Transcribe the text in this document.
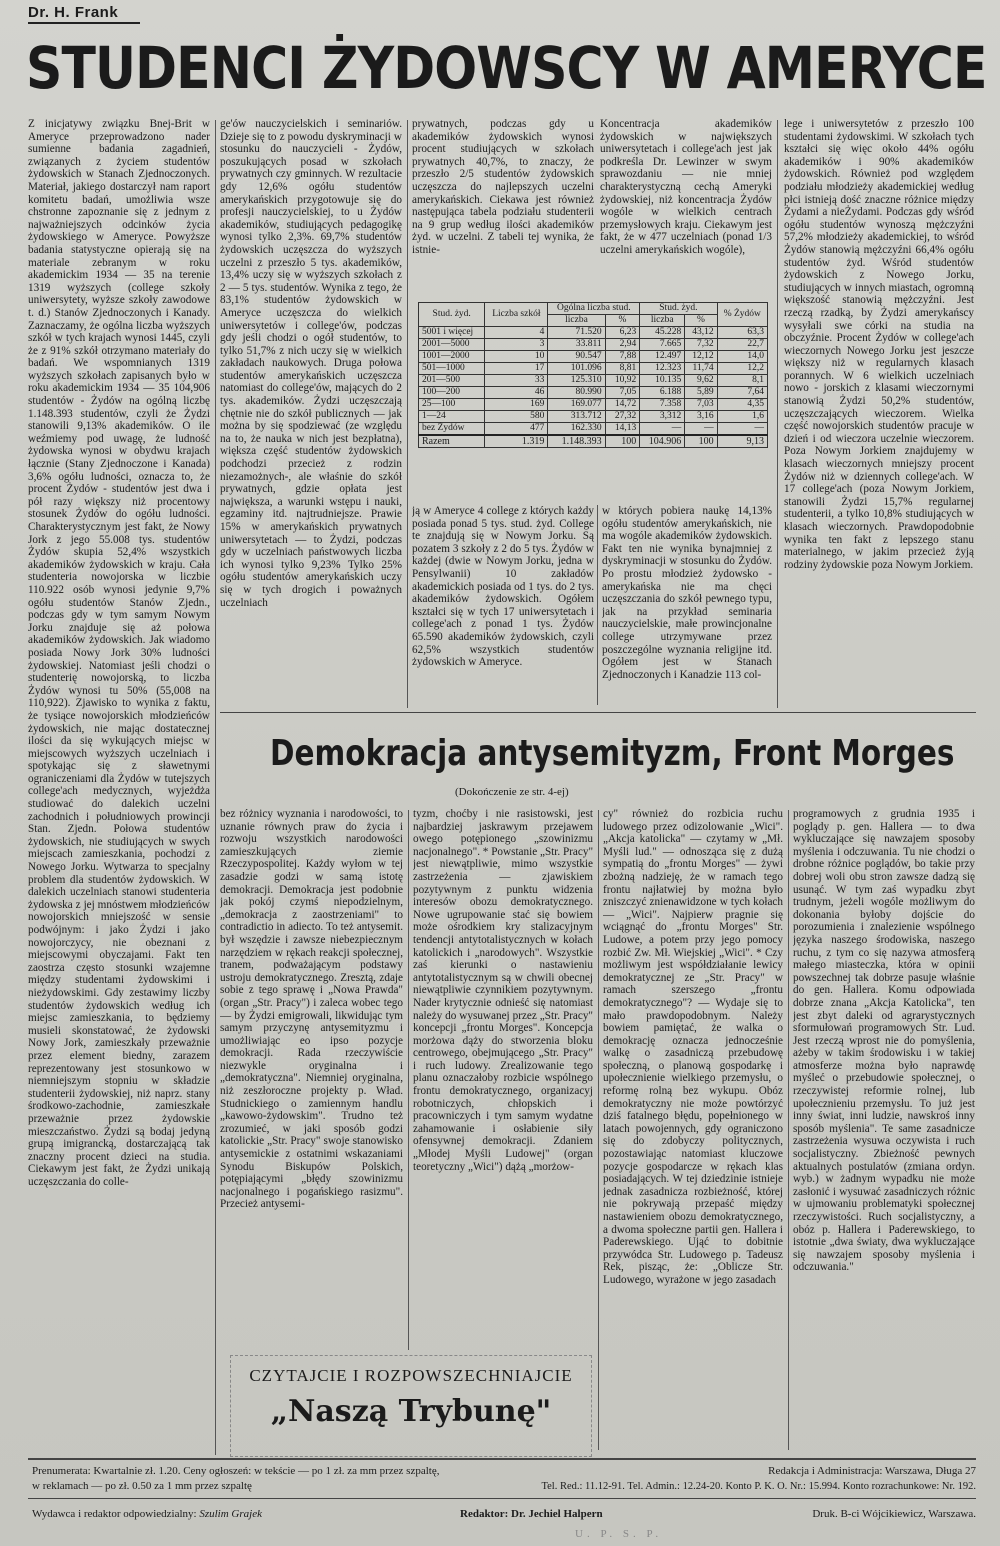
Dr. H. Frank
STUDENCI ŻYDOWSCY W AMERYCE
Z inicjatywy związku Bnej-Brit w Ameryce przeprowadzono nader sumienne badania zagadnień, związanych z życiem studentów żydowskich w Stanach Zjednoczonych. Materiał, jakiego dostarczył nam raport komitetu badań, umożliwia wsze chstronne zapoznanie się z jednym z najważniejszych odcinków życia żydowskiego w Ameryce. Powyższe badania statystyczne opierają się na materiale zebranym w roku akademickim 1934 — 35 na terenie 1319 wyższych (college szkoły uniwersytety, wyższe szkoły zawodowe t. d.) Stanów Zjednoczonych i Kanady. Zaznaczamy, że ogólna liczba wyższych szkół w tych krajach wynosi 1445, czyli że z 91% szkół otrzymano materiały do badań. We wspomnianych 1319 wyższych szkołach zapisanych było w roku akademickim 1934 — 35 104,906 studentów - Żydów na ogólną liczbę 1.148.393 studentów, czyli że Żydzi stanowili 9,13% akademików. O ile weźmiemy pod uwagę, że ludność żydowska wynosi w obydwu krajach łącznie (Stany Zjednoczone i Kanada) 3,6% ogółu ludności, oznacza to, że procent Żydów - studentów jest dwa i pół razy większy niż procentowy stosunek Żydów do ogółu ludności. Charakterystycznym jest fakt, że Nowy Jork z jego 55.008 tys. studentów Żydów skupia 52,4% wszystkich akademików żydowskich w kraju. Cała studenteria nowojorska w liczbie 110.922 osób wynosi jedynie 9,7% ogółu studentów Stanów Zjedn., podczas gdy w tym samym Nowym Jorku znajduje się aż połowa akademików żydowskich. Jak wiadomo posiada Nowy Jork 30% ludności żydowskiej. Natomiast jeśli chodzi o studenterię nowojorską, to liczba Żydów wynosi tu 50% (55,008 na 110,922). Zjawisko to wynika z faktu, że tysiące nowojorskich młodzieńców żydowskich, nie mając dostatecznej ilości da się wykujących miejsc w miejscowych wyższych uczelniach i spotykając się z sławetnymi ograniczeniami dla Żydów w tutejszych college'ach medycznych, wyjeżdża studiować do dalekich uczelni zachodnich i południowych prowincji Stan. Zjedn. Połowa studentów żydowskich, nie studiujących w swych miejscach zamieszkania, pochodzi z Nowego Jorku. Wytwarza to specjalny problem dla studentów żydowskich. W dalekich uczelniach stanowi studenteria żydowska z jej mnóstwem młodzieńców nowojorskich mniejszość w sensie podwójnym: i jako Żydzi i jako nowojorczycy, nie obeznani z miejscowymi obyczajami. Fakt ten zaostrza często stosunki wzajemne między studentami żydowskimi i nieżydowskimi. Gdy zestawimy liczby studentów żydowskich według ich miejsc zamieszkania, to będziemy musieli skonstatować, że żydowski Nowy Jork, zamieszkały przeważnie przez element biedny, zarazem reprezentowany jest stosunkowo w niemniejszym stopniu w składzie studenterii żydowskiej, niż naprz. stany środkowo-zachodnie, zamieszkałe przeważnie przez żydowskie mieszczaństwo. Żydzi są bodaj jedyną grupą imigrancką, dostarczającą tak znaczny procent dzieci na studia. Ciekawym jest fakt, że Żydzi unikają uczęszczania do colle-
ge'ów nauczycielskich i seminariów. Dzieje się to z powodu dyskryminacji w stosunku do nauczycieli - Żydów, poszukujących posad w szkołach prywatnych czy gminnych. W rezultacie gdy 12,6% ogółu studentów amerykańskich przygotowuje się do profesji nauczycielskiej, to u Żydów akademików, studiujących pedagogikę wynosi tylko 2,3%. 69,7% studentów żydowskich uczęszcza do wyższych uczelni z przeszło 5 tys. akademików, 13,4% uczy się w wyższych szkołach z 2 — 5 tys. studentów. Wynika z tego, że 83,1% studentów żydowskich w Ameryce uczęszcza do wielkich uniwersytetów i college'ów, podczas gdy jeśli chodzi o ogół studentów, to tylko 51,7% z nich uczy się w wielkich zakładach naukowych. Druga połowa studentów amerykańskich uczęszcza natomiast do college'ów, mających do 2 tys. akademików. Żydzi uczęszczają chętnie nie do szkół publicznych — jak można by się spodziewać (ze względu na to, że nauka w nich jest bezpłatna), większa część studentów żydowskich podchodzi przecież z rodzin niezamożnych-, ale właśnie do szkół prywatnych, gdzie opłata jest największa, a warunki wstępu i nauki, egzaminy itd. najtrudniejsze. Prawie 15% w amerykańskich prywatnych uniwersytetach — to Żydzi, podczas gdy w uczelniach państwowych liczba ich wynosi tylko 9,23% Tylko 25% ogółu studentów amerykańskich uczy się w tych drogich i poważnych uczelniach
prywatnych, podczas gdy u akademików żydowskich wynosi procent studiujących w szkołach prywatnych 40,7%, to znaczy, że przeszło 2/5 studentów żydowskich uczęszcza do najlepszych uczelni amerykańskich. Ciekawa jest również następująca tabela podziału studenterii na 9 grup według ilości akademików żyd. w uczelni. Z tabeli tej wynika, że istnie-
Koncentracja akademików żydowskich w największych uniwersytetach i college'ach jest jak podkreśla Dr. Lewinzer w swym sprawozdaniu — nie mniej charakterystyczną cechą Ameryki żydowskiej, niż koncentracja Żydów wogóle w wielkich centrach przemysłowych kraju. Ciekawym jest fakt, że w 477 uczelniach (ponad 1/3 uczelni amerykańskich wogóle),
lege i uniwersytetów z przeszło 100 studentami żydowskimi. W szkołach tych kształci się więc około 44% ogółu akademików i 90% akademików żydowskich. Również pod względem podziału młodzieży akademickiej według płci istnieją dość znaczne różnice między Żydami a nieŻydami. Podczas gdy wśród ogółu studentów wynoszą mężczyźni 57,2% młodzieży akademickiej, to wśród Żydów stanowią mężczyźni 66,4% ogółu studentów żyd. Wśród studentów żydowskich z Nowego Jorku, studiujących w innych miastach, ogromną większość stanowią mężczyźni. Jest rzeczą rzadką, by Żydzi amerykańscy wysyłali swe córki na studia na obczyźnie. Procent Żydów w college'ach wieczornych Nowego Jorku jest jeszcze większy niż w regularnych klasach porannych. W 6 wielkich uczelniach nowo - jorskich z klasami wieczornymi stanowią Żydzi 50,2% studentów, uczęszczających wieczorem. Wielka część nowojorskich studentów pracuje w dzień i od wieczora uczelnie wieczorem. Poza Nowym Jorkiem znajdujemy w klasach wieczornych mniejszy procent Żydów niż w dziennych college'ach. W 17 college'ach (poza Nowym Jorkiem, stanowili Żydzi 15,7% regularnej studenterii, a tylko 10,8% studiujących w klasach wieczornych. Prawdopodobnie wynika ten fakt z lepszego stanu materialnego, w jakim przecież żyją rodziny żydowskie poza Nowym Jorkiem.
Stud. żyd.	Liczba szkół	Ogólna liczba stud.		Stud. żyd.		% Żydów
		liczba	%	liczba	%	
5001 i więcej	4	71.520	6,23	45.228	43,12	63,3
2001—5000	3	33.811	2,94	7.665	7,32	22,7
1001—2000	10	90.547	7,88	12.497	12,12	14,0
501—1000	17	101.096	8,81	12.323	11,74	12,2
201—500	33	125.310	10,92	10.135	9,62	8,1
100—200	46	80.990	7,05	6.188	5,89	7,64
25—100	169	169.077	14,72	7.358	7,03	4,35
1—24	580	313.712	27,32	3,312	3,16	1,6
bez Żydów	477	162.330	14,13	—	—	—
Razem	1.319	1.148.393	100	104.906	100	9,13
ją w Ameryce 4 college z których każdy posiada ponad 5 tys. stud. żyd. College te znajdują się w Nowym Jorku. Są pozatem 3 szkoły z 2 do 5 tys. Żydów w każdej (dwie w Nowym Jorku, jedna w Pensylwanii) 10 zakładów akademickich posiada od 1 tys. do 2 tys. akademików żydowskich. Ogółem kształci się w tych 17 uniwersytetach i college'ach z ponad 1 tys. Żydów 65.590 akademików żydowskich, czyli 62,5% wszystkich studentów żydowskich w Ameryce.
w których pobiera naukę 14,13% ogółu studentów amerykańskich, nie ma wogóle akademików żydowskich. Fakt ten nie wynika bynajmniej z dyskryminacji w stosunku do Żydów. Po prostu młodzież żydowsko - amerykańska nie ma chęci uczęszczania do szkół pewnego typu, jak na przykład seminaria nauczycielskie, małe prowincjonalne college utrzymywane przez poszczególne wyznania religijne itd. Ogółem jest w Stanach Zjednoczonych i Kanadzie 113 col-
Demokracja antysemityzm, Front Morges
(Dokończenie ze str. 4-ej)
bez różnicy wyznania i narodowości, to uznanie równych praw do życia i rozwoju wszystkich narodowości zamieszkujących ziemie Rzeczypospolitej. Każdy wyłom w tej zasadzie godzi w samą istotę demokracji. Demokracja jest podobnie jak pokój czymś niepodzielnym, „demokracja z zaostrzeniami" to contradictio in adiecto. To też antysemit. był wszędzie i zawsze niebezpiecznym narzędziem w rękach reakcji społecznej, tranem, podważającym podstawy ustroju demokratycznego. Zresztą, zdaje sobie z tego sprawę i „Nowa Prawda" (organ „Str. Pracy") i zaleca wobec tego — by Żydzi emigrowali, likwidując tym samym przyczynę antysemityzmu i umożliwiając eo ipso pozycje demokracji. Rada rzeczywiście niezwykle oryginalna i „demokratyczna". Niemniej oryginalna, niż zeszłoroczne projekty p. Wład. Studnickiego o zamiennym handlu „kawowo-żydowskim". Trudno też zrozumieć, w jaki sposób godzi katolickie „Str. Pracy" swoje stanowisko antysemickie z ostatnimi wskazaniami Synodu Biskupów Polskich, potępiającymi „błędy szowinizmu nacjonalnego i pogańskiego rasizmu". Przecież antysemi-
tyzm, choćby i nie rasistowski, jest najbardziej jaskrawym przejawem owego potępionego „szowinizmu nacjonalnego". * Powstanie „Str. Pracy" jest niewątpliwie, mimo wszystkie zastrzeżenia — zjawiskiem pozytywnym z punktu widzenia interesów obozu demokratycznego. Nowe ugrupowanie stać się bowiem może ośrodkiem kry stalizacyjnym tendencji antytotalistycznych w kołach katolickich i „narodowych". Wszystkie zaś kierunki o nastawieniu antytotalistycznym są w chwili obecnej niewątpliwie czynnikiem pozytywnym. Nader krytycznie odnieść się natomiast należy do wysuwanej przez „Str. Pracy" koncepcji „frontu Morges". Koncepcja morżowa dąży do stworzenia bloku centrowego, obejmującego „Str. Pracy" i ruch ludowy. Zrealizowanie tego planu oznaczałoby rozbicie wspólnego frontu demokratycznego, organizacyj robotniczych, chłopskich i pracowniczych i tym samym wydatne zahamowanie i osłabienie siły ofensywnej demokracji. Zdaniem „Młodej Myśli Ludowej" (organ teoretyczny „Wici") dążą „morżow-
cy" również do rozbicia ruchu ludowego przez odizolowanie „Wici". „Akcja katolicka" — czytamy w „Mł. Myśli lud." — odnosząca się z dużą sympatią do „frontu Morges" — żywi zbożną nadzieję, że w ramach tego frontu najłatwiej by można było zniszczyć znienawidzone w tych kołach — „Wici". Najpierw pragnie się wciągnąć do „frontu Morges" Str. Ludowe, a potem przy jego pomocy rozbić Zw. Mł. Wiejskiej „Wici". * Czy możliwym jest współdziałanie lewicy demokratycznej ze „Str. Pracy" w ramach szerszego „frontu demokratycznego"? — Wydaje się to mało prawdopodobnym. Należy bowiem pamiętać, że walka o demokrację oznacza jednocześnie walkę o zasadniczą przebudowę społeczną, o planową gospodarkę i upołecznienie wielkiego przemysłu, o reformę rolną bez wykupu. Obóz demokratyczny nie może powtórzyć dziś fatalnego błędu, popełnionego w latach powojennych, gdy ograniczono się do zdobyczy politycznych, pozostawiając natomiast kluczowe pozycje gospodarcze w rękach klas posiadających. W tej dziedzinie istnieje jednak zasadnicza rozbieżność, której nie pokrywają przepaść między nastawieniem obozu demokratycznego, a dwoma społeczne partii gen. Hallera i Paderewskiego. Ująć to dobitnie przywódca Str. Ludowego p. Tadeusz Rek, pisząc, że: „Oblicze Str. Ludowego, wyrażone w jego zasadach
programowych z grudnia 1935 i poglądy p. gen. Hallera — to dwa wykluczające się nawzajem sposoby myślenia i odczuwania. Tu nie chodzi o drobne różnice poglądów, bo takie przy dobrej woli obu stron zawsze dadzą się usunąć. W tym zaś wypadku zbyt trudnym, jeżeli wogóle możliwym do dokonania byłoby dojście do porozumienia i znalezienie wspólnego języka naszego środowiska, naszego ruchu, z tym co się nazywa atmosferą małego miasteczka, która w opinii powszechnej tak dobrze pasuje właśnie do gen. Hallera. Komu odpowiada dobrze znana „Akcja Katolicka", ten jest zbyt daleki od agrarystycznych sformułowań programowych Str. Lud. Jest rzeczą wprost nie do pomyślenia, ażeby w takim środowisku i w takiej atmosferze można było naprawdę myśleć o przebudowie społecznej, o rzeczywistej reformie rolnej, lub upołecznieniu przemysłu. To już jest inny świat, inni ludzie, nawskroś inny sposób myślenia". Te same zasadnicze zastrzeżenia wysuwa oczywista i ruch socjalistyczny. Zbieżność pewnych aktualnych postulatów (zmiana ordyn. wyb.) w żadnym wypadku nie może zasłonić i wysuwać zasadniczych różnic w ujmowaniu problematyki społecznej rzeczywistości. Ruch socjalistyczny, a obóz p. Hallera i Paderewskiego, to istotnie „dwa światy, dwa wykluczające się nawzajem sposoby myślenia i odczuwania."
CZYTAJCIE I ROZPOWSZECHNIAJCIE
„Naszą Trybunę"
Prenumerata: Kwartalnie zł. 1.20. Ceny ogłoszeń: w tekście — po 1 zł. za mm przez szpaltę,
w reklamach — po zł. 0.50 za 1 mm przez szpaltę
Redakcja i Administracja: Warszawa, Długa 27
Tel. Red.: 11.12-91. Tel. Admin.: 12.24-20. Konto P. K. O. Nr.: 15.994. Konto rozrachunkowe: Nr. 192.
Wydawca i redaktor odpowiedzialny: Szulim Grajek	Redaktor: Dr. Jechiel Halpern	Druk. B-ci Wójcikiewicz, Warszawa.
U. P. S. P.
